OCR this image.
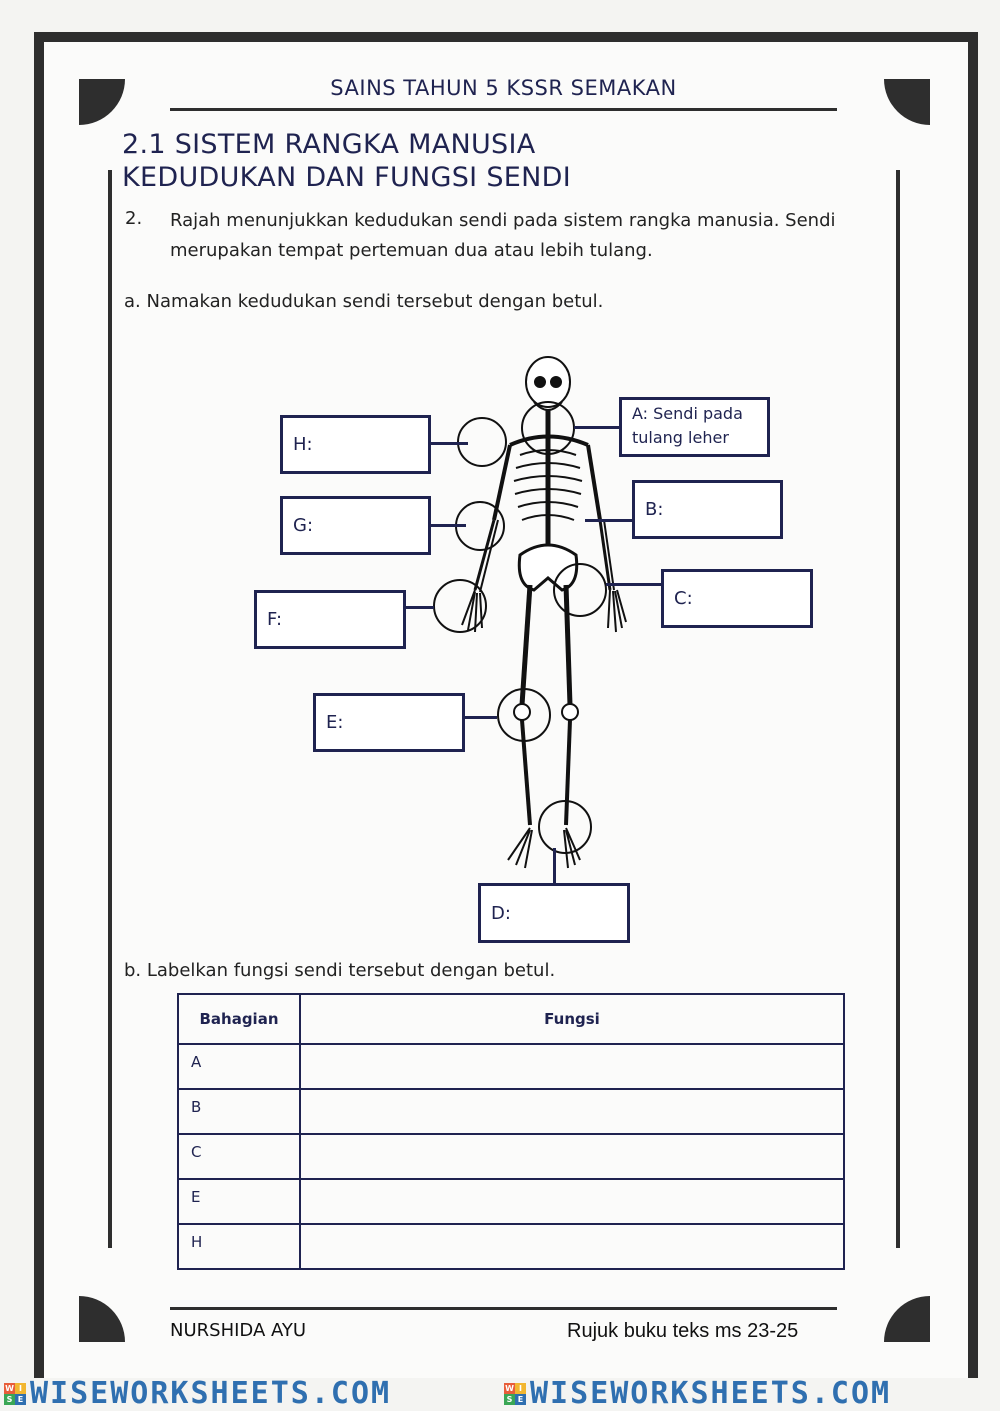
SAINS TAHUN 5 KSSR SEMAKAN
2.1 SISTEM RANGKA MANUSIA
KEDUDUKAN DAN FUNGSI SENDI
2. Rajah menunjukkan kedudukan sendi pada sistem rangka manusia. Sendi merupakan tempat pertemuan dua atau lebih tulang.
a. Namakan kedudukan sendi tersebut dengan betul.
H:
G:
F:
E:
A: Sendi pada tulang leher
B:
C:
D:
b. Labelkan fungsi sendi tersebut dengan betul.
Bahagian	Fungsi
A	
B	
C	
E	
H	
NURSHIDA AYU	Rujuk buku teks ms 23-25
W I
S E WISEWORKSHEETS.COM	W I
S E WISEWORKSHEETS.COM
